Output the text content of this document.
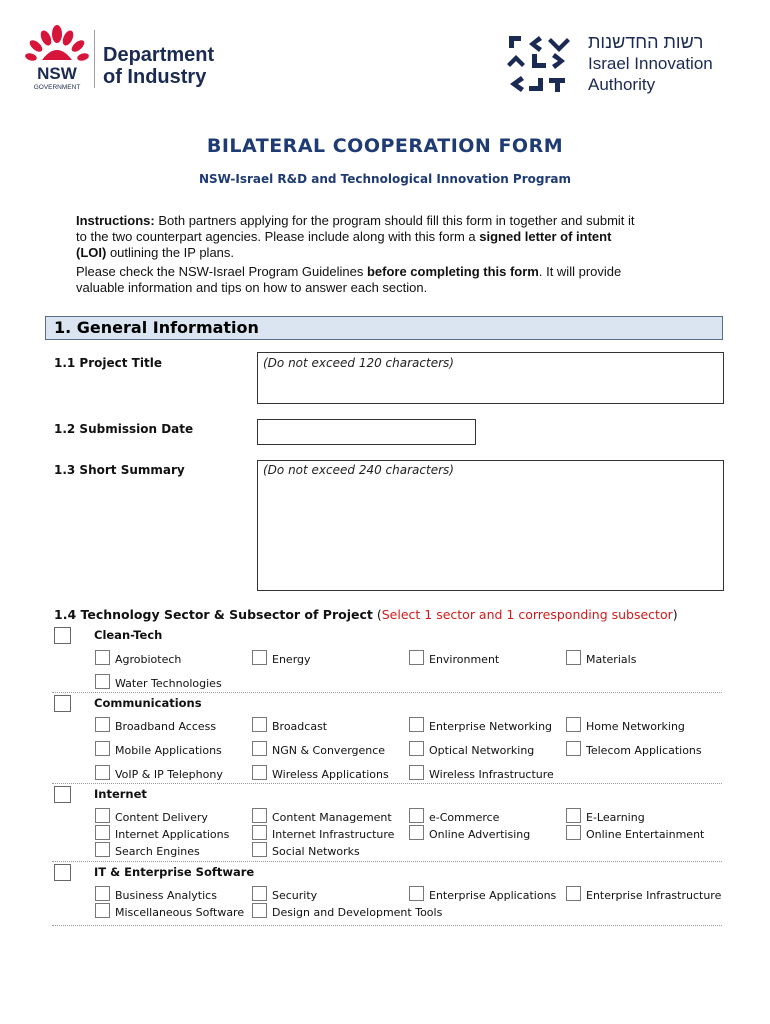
NSW
GOVERNMENT
Department
of Industry
רשות החדשנות
Israel Innovation
Authority
BILATERAL COOPERATION FORM
NSW-Israel R&D and Technological Innovation Program
Instructions: Both partners applying for the program should fill this form in together and submit it to the two counterpart agencies. Please include along with this form a signed letter of intent (LOI) outlining the IP plans.
Please check the NSW-Israel Program Guidelines before completing this form. It will provide valuable information and tips on how to answer each section.
1. General Information
1.1 Project Title	(Do not exceed 120 characters)
1.2 Submission Date
1.3 Short Summary	(Do not exceed 240 characters)
1.4 Technology Sector & Subsector of Project (Select 1 sector and 1 corresponding subsector)
Clean-Tech
Agrobiotech	Energy	Environment	Materials
Water Technologies
Communications
Broadband Access	Broadcast	Enterprise Networking	Home Networking
Mobile Applications	NGN & Convergence	Optical Networking	Telecom Applications
VoIP & IP Telephony	Wireless Applications	Wireless Infrastructure
Internet
Content Delivery	Content Management	e-Commerce	E-Learning
Internet Applications	Internet Infrastructure	Online Advertising	Online Entertainment
Search Engines	Social Networks
IT & Enterprise Software
Business Analytics	Security	Enterprise Applications	Enterprise Infrastructure
Miscellaneous Software	Design and Development Tools
